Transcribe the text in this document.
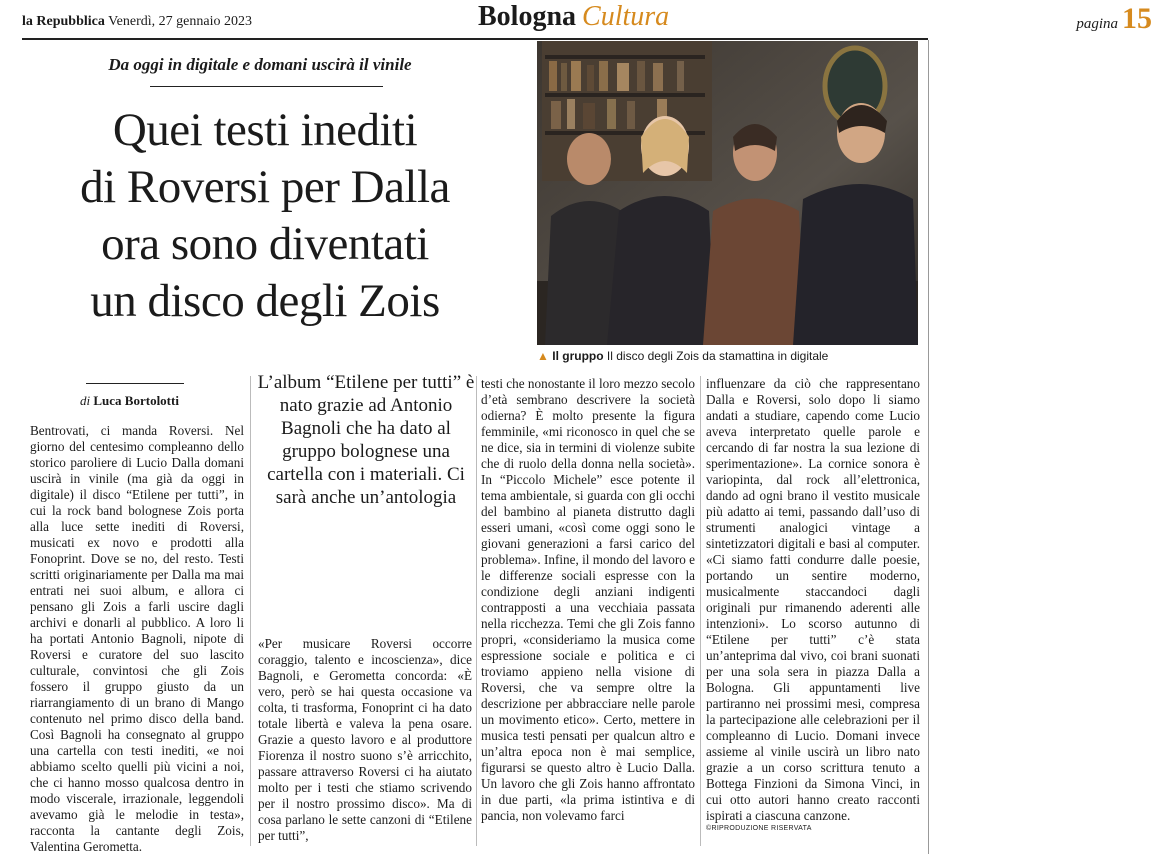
la Repubblica Venerdì, 27 gennaio 2023	Bologna Cultura	pagina 15
Da oggi in digitale e domani uscirà il vinile
Quei testi inediti
di Roversi per Dalla
ora sono diventati
un disco degli Zois
▲ Il gruppo Il disco degli Zois da stamattina in digitale
di Luca Bortolotti
L’album “Etilene per tutti” è nato grazie ad Antonio Bagnoli che ha dato al gruppo bolognese una cartella con i materiali. Ci sarà anche un’antologia
Bentrovati, ci manda Roversi. Nel giorno del centesimo compleanno dello storico paroliere di Lucio Dalla domani uscirà in vinile (ma già da oggi in digitale) il disco “Etilene per tutti”, in cui la rock band bolognese Zois porta alla luce sette inediti di Roversi, musicati ex novo e prodotti alla Fonoprint. Dove se no, del resto. Testi scritti originariamente per Dalla ma mai entrati nei suoi album, e allora ci pensano gli Zois a farli uscire dagli archivi e donarli al pubblico. A loro li ha portati Antonio Bagnoli, nipote di Roversi e curatore del suo lascito culturale, convintosi che gli Zois fossero il gruppo giusto da un riarrangiamento di un brano di Mango contenuto nel primo disco della band. Così Bagnoli ha consegnato al gruppo una cartella con testi inediti, «e noi abbiamo scelto quelli più vicini a noi, che ci hanno mosso qualcosa dentro in modo viscerale, irrazionale, leggendoli avevamo già le melodie in testa», racconta la cantante degli Zois, Valentina Gerometta.
«Per musicare Roversi occorre coraggio, talento e incoscienza», dice Bagnoli, e Gerometta concorda: «È vero, però se hai questa occasione va colta, ti trasforma, Fonoprint ci ha dato totale libertà e valeva la pena osare. Grazie a questo lavoro e al produttore Fiorenza il nostro suono s’è arricchito, passare attraverso Roversi ci ha aiutato molto per i testi che stiamo scrivendo per il nostro prossimo disco». Ma di cosa parlano le sette canzoni di “Etilene per tutti”,
testi che nonostante il loro mezzo secolo d’età sembrano descrivere la società odierna? È molto presente la figura femminile, «mi riconosco in quel che se ne dice, sia in termini di violenze subite che di ruolo della donna nella società». In “Piccolo Michele” esce potente il tema ambientale, si guarda con gli occhi del bambino al pianeta distrutto dagli esseri umani, «così come oggi sono le giovani generazioni a farsi carico del problema». Infine, il mondo del lavoro e le differenze sociali espresse con la condizione degli anziani indigenti contrapposti a una vecchiaia passata nella ricchezza. Temi che gli Zois fanno propri, «consideriamo la musica come espressione sociale e politica e ci troviamo appieno nella visione di Roversi, che va sempre oltre la descrizione per abbracciare nelle parole un movimento etico». Certo, mettere in musica testi pensati per qualcun altro e un’altra epoca non è mai semplice, figurarsi se questo altro è Lucio Dalla. Un lavoro che gli Zois hanno affrontato in due parti, «la prima istintiva e di pancia, non volevamo farci
influenzare da ciò che rappresentano Dalla e Roversi, solo dopo li siamo andati a studiare, capendo come Lucio aveva interpretato quelle parole e cercando di far nostra la sua lezione di sperimentazione». La cornice sonora è variopinta, dal rock all’elettronica, dando ad ogni brano il vestito musicale più adatto ai temi, passando dall’uso di strumenti analogici vintage a sintetizzatori digitali e basi al computer. «Ci siamo fatti condurre dalle poesie, portando un sentire moderno, musicalmente staccandoci dagli originali pur rimanendo aderenti alle intenzioni». Lo scorso autunno di “Etilene per tutti” c’è stata un’anteprima dal vivo, coi brani suonati per una sola sera in piazza Dalla a Bologna. Gli appuntamenti live partiranno nei prossimi mesi, compresa la partecipazione alle celebrazioni per il compleanno di Lucio. Domani invece assieme al vinile uscirà un libro nato grazie a un corso scrittura tenuto a Bottega Finzioni da Simona Vinci, in cui otto autori hanno creato racconti ispirati a ciascuna canzone.
©RIPRODUZIONE RISERVATA
